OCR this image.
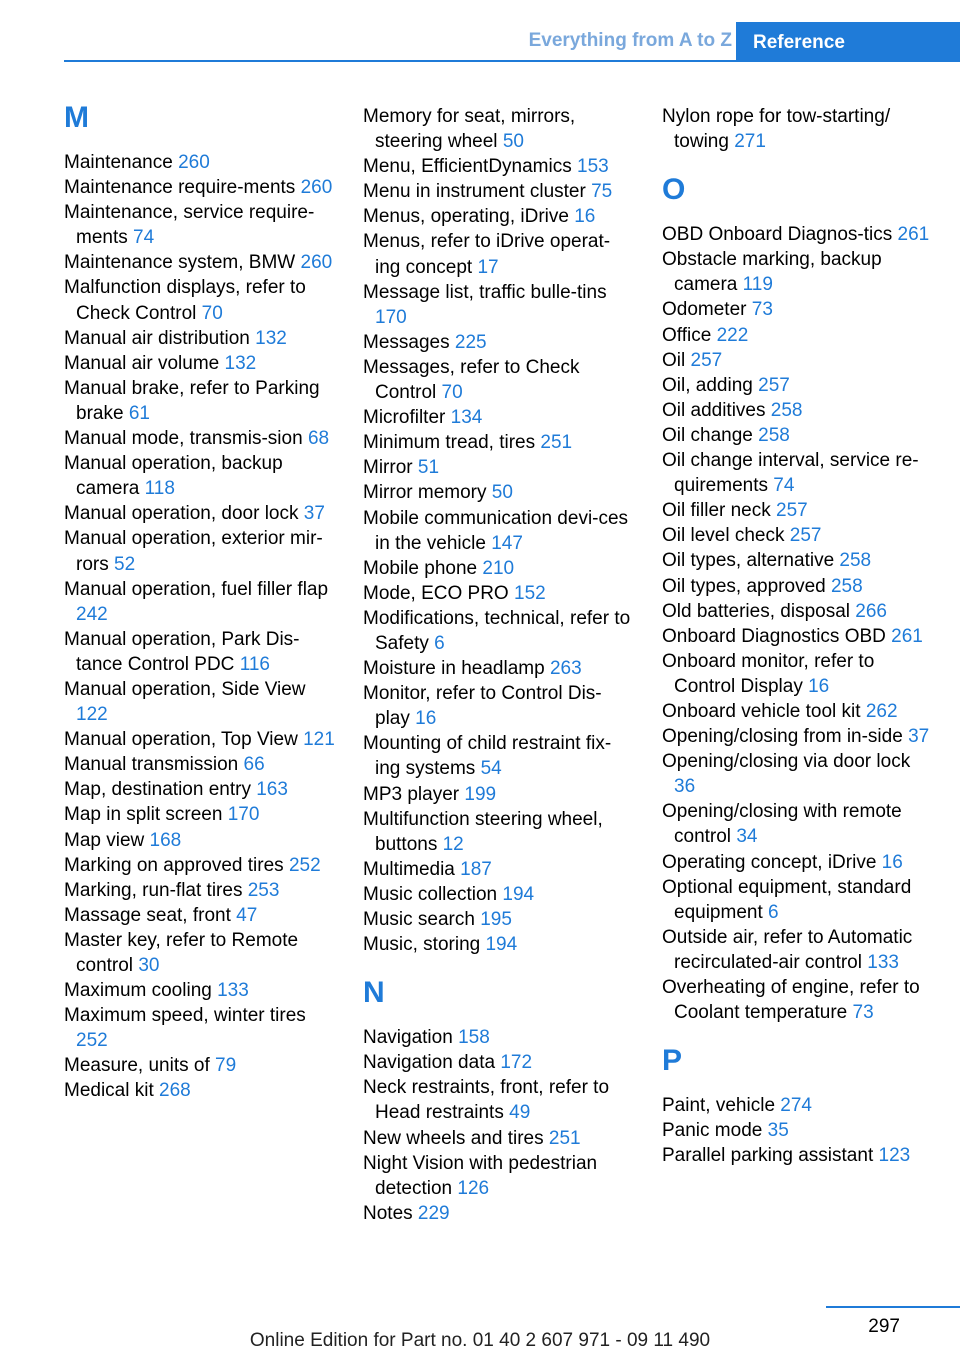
Everything from A to Z	Reference
M
Maintenance 260
Maintenance require-ments 260
Maintenance, service require-ments 74
Maintenance system, BMW 260
Malfunction displays, refer to Check Control 70
Manual air distribution 132
Manual air volume 132
Manual brake, refer to Parking brake 61
Manual mode, transmis-sion 68
Manual operation, backup camera 118
Manual operation, door lock 37
Manual operation, exterior mir-rors 52
Manual operation, fuel filler flap 242
Manual operation, Park Dis-tance Control PDC 116
Manual operation, Side View 122
Manual operation, Top View 121
Manual transmission 66
Map, destination entry 163
Map in split screen 170
Map view 168
Marking on approved tires 252
Marking, run-flat tires 253
Massage seat, front 47
Master key, refer to Remote control 30
Maximum cooling 133
Maximum speed, winter tires 252
Measure, units of 79
Medical kit 268
Memory for seat, mirrors, steering wheel 50
Menu, EfficientDynamics 153
Menu in instrument cluster 75
Menus, operating, iDrive 16
Menus, refer to iDrive operat-ing concept 17
Message list, traffic bulle-tins 170
Messages 225
Messages, refer to Check Control 70
Microfilter 134
Minimum tread, tires 251
Mirror 51
Mirror memory 50
Mobile communication devi-ces in the vehicle 147
Mobile phone 210
Mode, ECO PRO 152
Modifications, technical, refer to Safety 6
Moisture in headlamp 263
Monitor, refer to Control Dis-play 16
Mounting of child restraint fix-ing systems 54
MP3 player 199
Multifunction steering wheel, buttons 12
Multimedia 187
Music collection 194
Music search 195
Music, storing 194
N
Navigation 158
Navigation data 172
Neck restraints, front, refer to Head restraints 49
New wheels and tires 251
Night Vision with pedestrian detection 126
Notes 229
Nylon rope for tow-starting/ towing 271
O
OBD Onboard Diagnos-tics 261
Obstacle marking, backup camera 119
Odometer 73
Office 222
Oil 257
Oil, adding 257
Oil additives 258
Oil change 258
Oil change interval, service re-quirements 74
Oil filler neck 257
Oil level check 257
Oil types, alternative 258
Oil types, approved 258
Old batteries, disposal 266
Onboard Diagnostics OBD 261
Onboard monitor, refer to Control Display 16
Onboard vehicle tool kit 262
Opening/closing from in-side 37
Opening/closing via door lock 36
Opening/closing with remote control 34
Operating concept, iDrive 16
Optional equipment, standard equipment 6
Outside air, refer to Automatic recirculated-air control 133
Overheating of engine, refer to Coolant temperature 73
P
Paint, vehicle 274
Panic mode 35
Parallel parking assistant 123
297
Online Edition for Part no. 01 40 2 607 971 - 09 11 490
